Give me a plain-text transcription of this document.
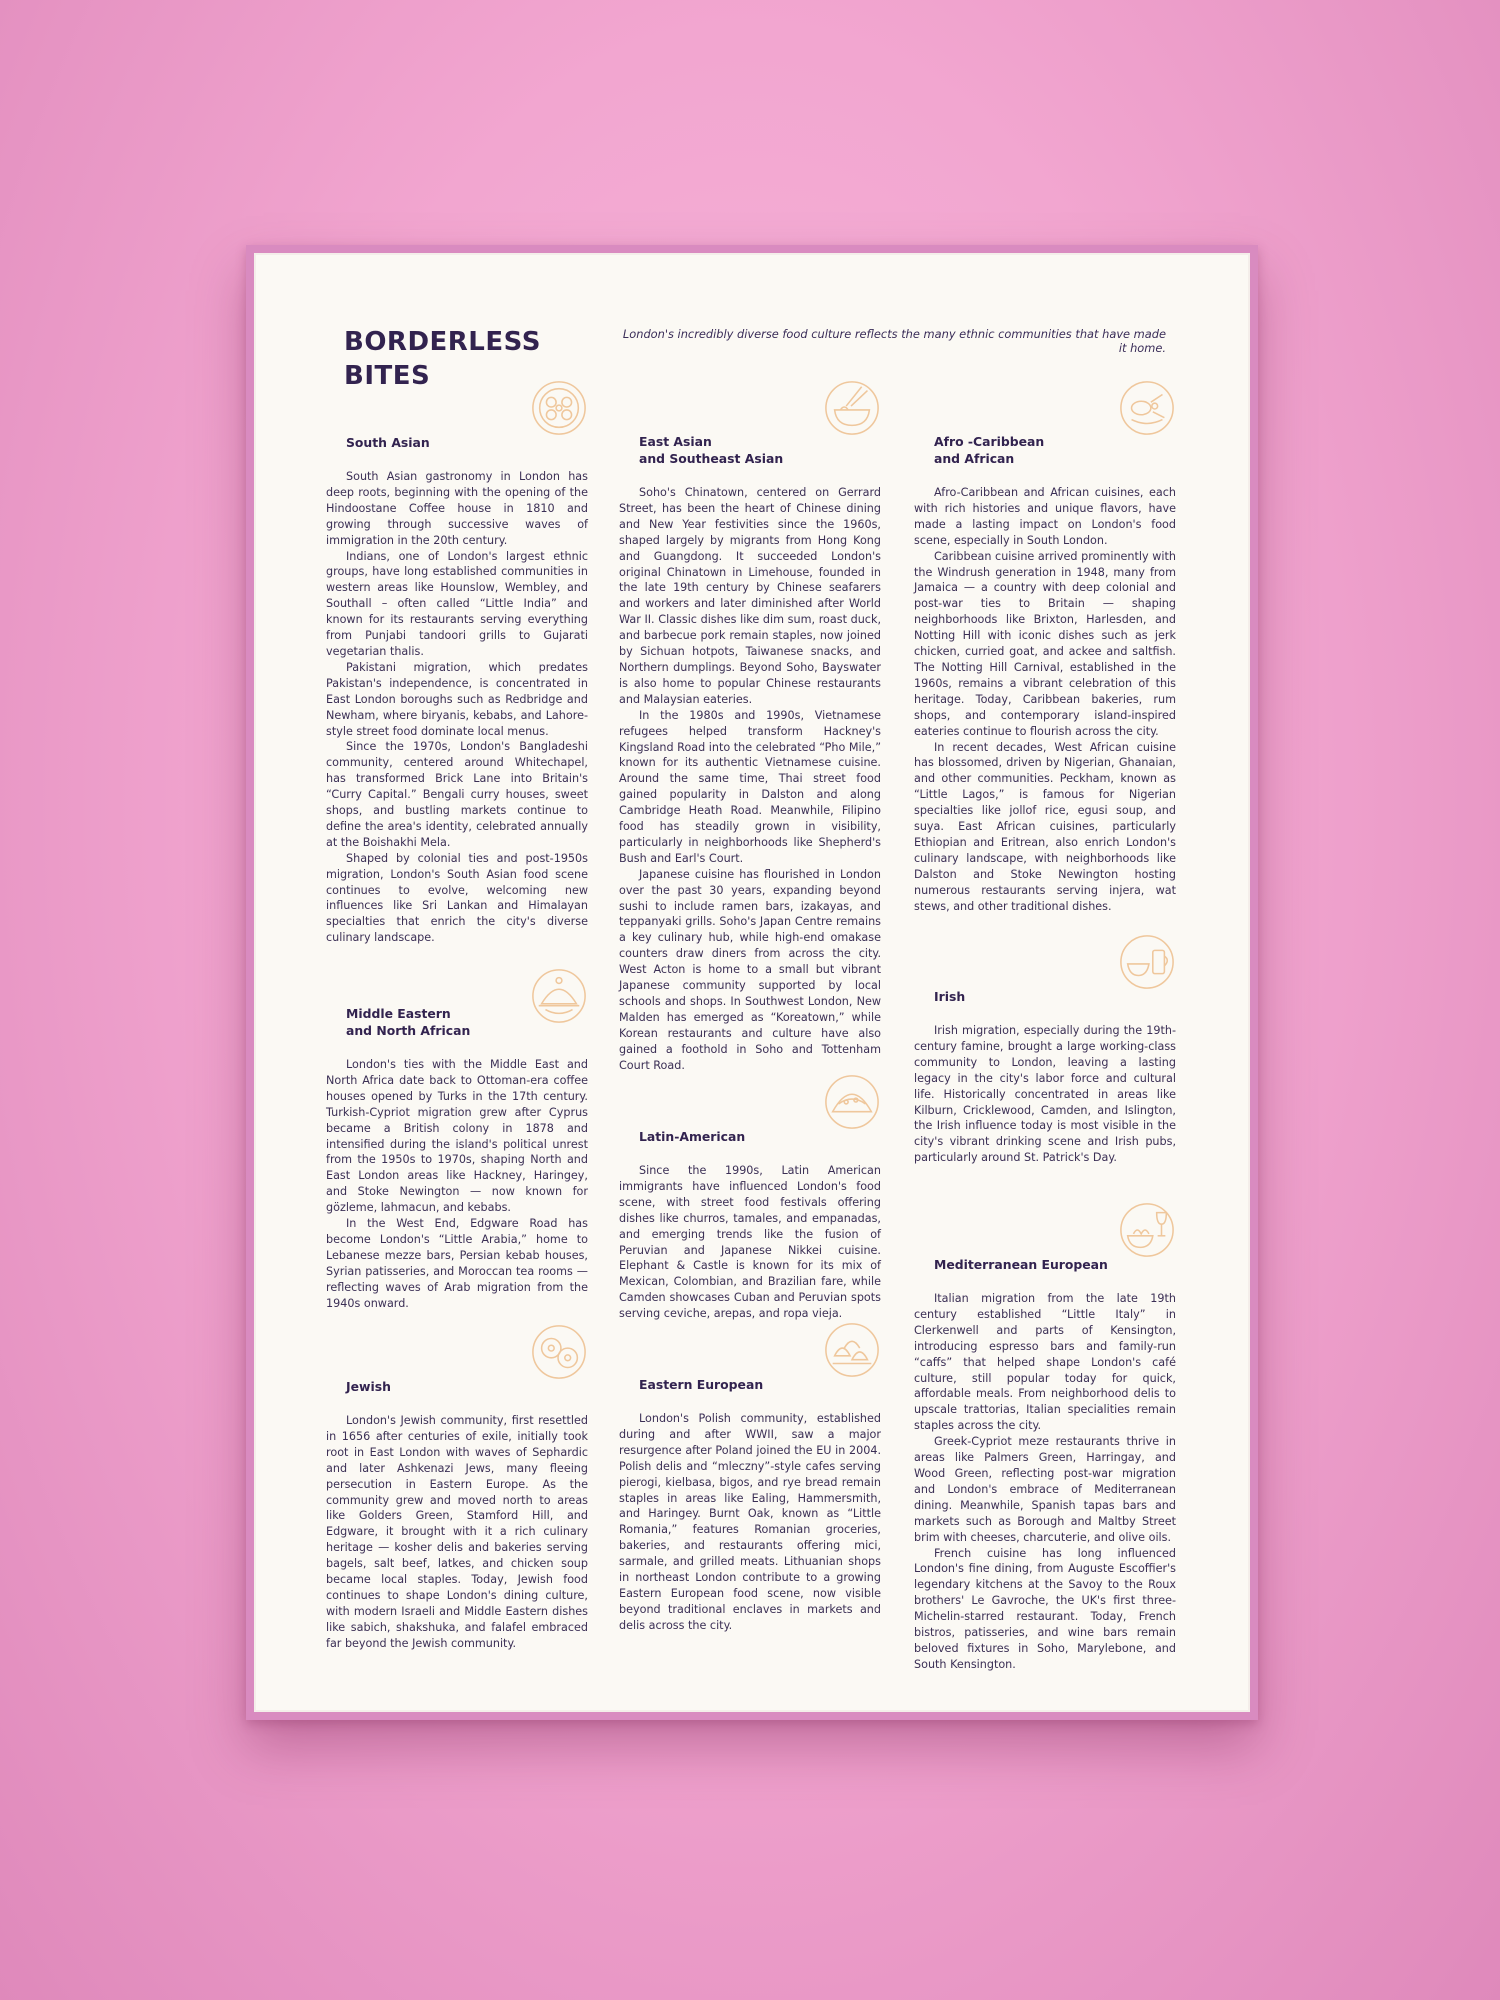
BORDERLESS
BITES

London's incredibly diverse food culture reflects the many ethnic communities that have made it home.

South Asian

South Asian gastronomy in London has deep roots, beginning with the opening of the Hindoostane Coffee house in 1810 and growing through successive waves of immigration in the 20th century.

Indians, one of London's largest ethnic groups, have long established communities in western areas like Hounslow, Wembley, and Southall – often called “Little India” and known for its restaurants serving everything from Punjabi tandoori grills to Gujarati vegetarian thalis.

Pakistani migration, which predates Pakistan's independence, is concentrated in East London boroughs such as Redbridge and Newham, where biryanis, kebabs, and Lahore-style street food dominate local menus.

Since the 1970s, London's Bangladeshi community, centered around Whitechapel, has transformed Brick Lane into Britain's “Curry Capital.” Bengali curry houses, sweet shops, and bustling markets continue to define the area's identity, celebrated annually at the Boishakhi Mela.

Shaped by colonial ties and post-1950s migration, London's South Asian food scene continues to evolve, welcoming new influences like Sri Lankan and Himalayan specialties that enrich the city's diverse culinary landscape.

Middle Eastern
and North African

London's ties with the Middle East and North Africa date back to Ottoman-era coffee houses opened by Turks in the 17th century. Turkish-Cypriot migration grew after Cyprus became a British colony in 1878 and intensified during the island's political unrest from the 1950s to 1970s, shaping North and East London areas like Hackney, Haringey, and Stoke Newington — now known for gözleme, lahmacun, and kebabs.

In the West End, Edgware Road has become London's “Little Arabia,” home to Lebanese mezze bars, Persian kebab houses, Syrian patisseries, and Moroccan tea rooms — reflecting waves of Arab migration from the 1940s onward.

Jewish

London's Jewish community, first resettled in 1656 after centuries of exile, initially took root in East London with waves of Sephardic and later Ashkenazi Jews, many fleeing persecution in Eastern Europe. As the community grew and moved north to areas like Golders Green, Stamford Hill, and Edgware, it brought with it a rich culinary heritage — kosher delis and bakeries serving bagels, salt beef, latkes, and chicken soup became local staples. Today, Jewish food continues to shape London's dining culture, with modern Israeli and Middle Eastern dishes like sabich, shakshuka, and falafel embraced far beyond the Jewish community.

East Asian
and Southeast Asian

Soho's Chinatown, centered on Gerrard Street, has been the heart of Chinese dining and New Year festivities since the 1960s, shaped largely by migrants from Hong Kong and Guangdong. It succeeded London's original Chinatown in Limehouse, founded in the late 19th century by Chinese seafarers and workers and later diminished after World War II. Classic dishes like dim sum, roast duck, and barbecue pork remain staples, now joined by Sichuan hotpots, Taiwanese snacks, and Northern dumplings. Beyond Soho, Bayswater is also home to popular Chinese restaurants and Malaysian eateries.

In the 1980s and 1990s, Vietnamese refugees helped transform Hackney's Kingsland Road into the celebrated “Pho Mile,” known for its authentic Vietnamese cuisine. Around the same time, Thai street food gained popularity in Dalston and along Cambridge Heath Road. Meanwhile, Filipino food has steadily grown in visibility, particularly in neighborhoods like Shepherd's Bush and Earl's Court.

Japanese cuisine has flourished in London over the past 30 years, expanding beyond sushi to include ramen bars, izakayas, and teppanyaki grills. Soho's Japan Centre remains a key culinary hub, while high-end omakase counters draw diners from across the city. West Acton is home to a small but vibrant Japanese community supported by local schools and shops. In Southwest London, New Malden has emerged as “Koreatown,” while Korean restaurants and culture have also gained a foothold in Soho and Tottenham Court Road.

Latin-American

Since the 1990s, Latin American immigrants have influenced London's food scene, with street food festivals offering dishes like churros, tamales, and empanadas, and emerging trends like the fusion of Peruvian and Japanese Nikkei cuisine. Elephant & Castle is known for its mix of Mexican, Colombian, and Brazilian fare, while Camden showcases Cuban and Peruvian spots serving ceviche, arepas, and ropa vieja.

Eastern European

London's Polish community, established during and after WWII, saw a major resurgence after Poland joined the EU in 2004. Polish delis and “mleczny”-style cafes serving pierogi, kielbasa, bigos, and rye bread remain staples in areas like Ealing, Hammersmith, and Haringey. Burnt Oak, known as “Little Romania,” features Romanian groceries, bakeries, and restaurants offering mici, sarmale, and grilled meats. Lithuanian shops in northeast London contribute to a growing Eastern European food scene, now visible beyond traditional enclaves in markets and delis across the city.

Afro -Caribbean
and African

Afro-Caribbean and African cuisines, each with rich histories and unique flavors, have made a lasting impact on London's food scene, especially in South London.

Caribbean cuisine arrived prominently with the Windrush generation in 1948, many from Jamaica — a country with deep colonial and post-war ties to Britain — shaping neighborhoods like Brixton, Harlesden, and Notting Hill with iconic dishes such as jerk chicken, curried goat, and ackee and saltfish. The Notting Hill Carnival, established in the 1960s, remains a vibrant celebration of this heritage. Today, Caribbean bakeries, rum shops, and contemporary island-inspired eateries continue to flourish across the city.

In recent decades, West African cuisine has blossomed, driven by Nigerian, Ghanaian, and other communities. Peckham, known as “Little Lagos,” is famous for Nigerian specialties like jollof rice, egusi soup, and suya. East African cuisines, particularly Ethiopian and Eritrean, also enrich London's culinary landscape, with neighborhoods like Dalston and Stoke Newington hosting numerous restaurants serving injera, wat stews, and other traditional dishes.

Irish

Irish migration, especially during the 19th-century famine, brought a large working-class community to London, leaving a lasting legacy in the city's labor force and cultural life. Historically concentrated in areas like Kilburn, Cricklewood, Camden, and Islington, the Irish influence today is most visible in the city's vibrant drinking scene and Irish pubs, particularly around St. Patrick's Day.

Mediterranean European

Italian migration from the late 19th century established “Little Italy” in Clerkenwell and parts of Kensington, introducing espresso bars and family-run “caffs” that helped shape London's café culture, still popular today for quick, affordable meals. From neighborhood delis to upscale trattorias, Italian specialities remain staples across the city.

Greek-Cypriot meze restaurants thrive in areas like Palmers Green, Harringay, and Wood Green, reflecting post-war migration and London's embrace of Mediterranean dining. Meanwhile, Spanish tapas bars and markets such as Borough and Maltby Street brim with cheeses, charcuterie, and olive oils.

French cuisine has long influenced London's fine dining, from Auguste Escoffier's legendary kitchens at the Savoy to the Roux brothers' Le Gavroche, the UK's first three-Michelin-starred restaurant. Today, French bistros, patisseries, and wine bars remain beloved fixtures in Soho, Marylebone, and South Kensington.
